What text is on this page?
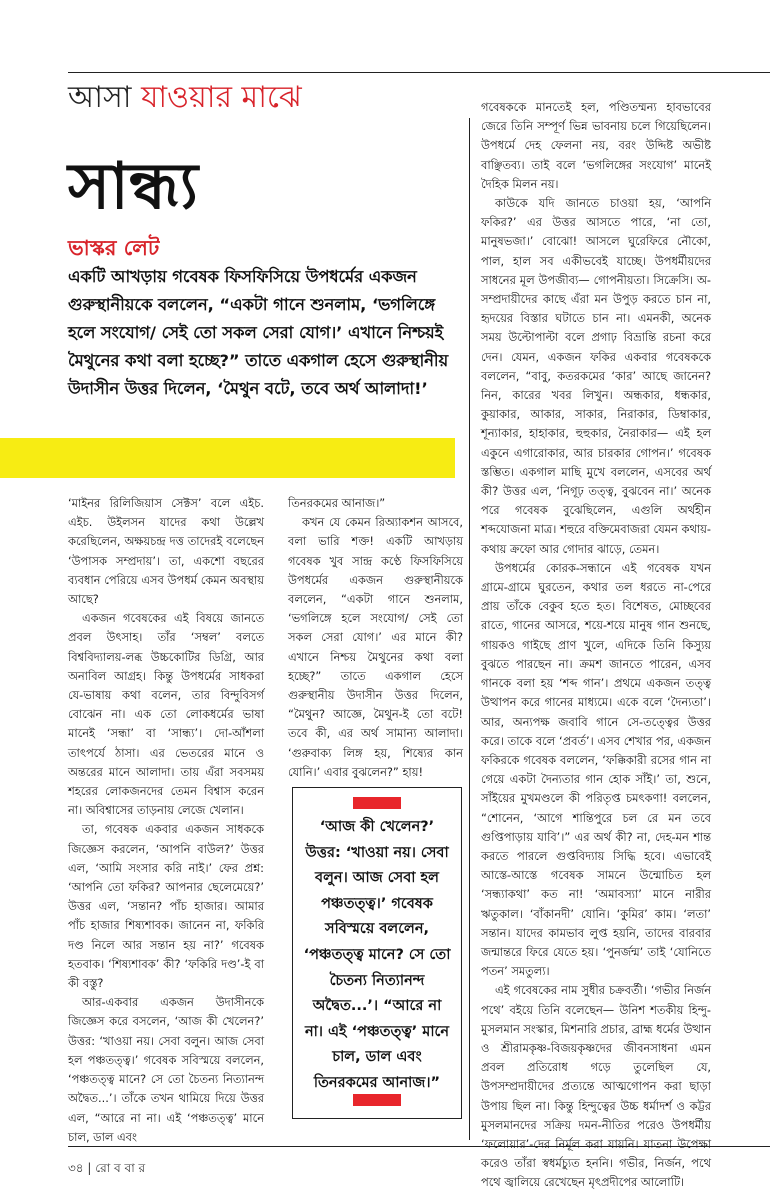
আসা যাওয়ার মাঝে
সান্ধ্য
ভাস্কর লেট
একটি আখড়ায় গবেষক ফিসফিসিয়ে উপধর্মের একজন গুরুস্থানীয়কে বললেন, “একটা গানে শুনলাম, ‘ভগলিঙ্গে হলে সংযোগ/ সেই তো সকল সেরা যোগ।’ এখানে নিশ্চয়ই মৈথুনের কথা বলা হচ্ছে?” তাতে একগাল হেসে গুরুস্থানীয় উদাসীন উত্তর দিলেন, ‘মৈথুন বটে, তবে অর্থ আলাদা!’

‘মাইনর রিলিজিয়াস সেক্টস’ বলে এইচ. এইচ. উইলসন যাদের কথা উল্লেখ করেছিলেন, অক্ষয়চন্দ্র দত্ত তাদেরই বলেছেন ‘উপাসক সম্প্রদায়’। তা, একশো বছরের ব্যবধান পেরিয়ে এসব উপধর্ম কেমন অবস্থায় আছে?

একজন গবেষকের এই বিষয়ে জানতে প্রবল উৎসাহ। তাঁর ‘সম্বল’ বলতে বিশ্ববিদ্যালয়-লব্ধ উচ্চকোটির ডিগ্রি, আর অনাবিল আগ্রহ। কিন্তু উপধর্মের সাধকরা যে-ভাষায় কথা বলেন, তার বিন্দুবিসর্গ বোঝেন না। এক তো লোকধর্মের ভাষা মানেই ‘সন্ধা’ বা ‘সান্ধ্য’। দো-আঁশলা তাৎপর্যে ঠাসা। এর ভেতরের মানে ও অন্তরের মানে আলাদা। তায় এঁরা সবসময় শহরের লোকজনদের তেমন বিশ্বাস করেন না। অবিশ্বাসের তাড়নায় লেজে খেলান।

তা, গবেষক একবার একজন সাধককে জিজ্ঞেস করলেন, ‘আপনি বাউল?’ উত্তর এল, ‘আমি সংসার করি নাই।’ ফের প্রশ্ন: ‘আপনি তো ফকির? আপনার ছেলেমেয়ে?’ উত্তর এল, ‘সন্তান? পাঁচ হাজার। আমার পাঁচ হাজার শিষ্যশাবক। জানেন না, ফকিরি দণ্ড নিলে আর সন্তান হয় না?’ গবেষক হতবাক। ‘শিষ্যশাবক’ কী? ‘ফকিরি দণ্ড’-ই বা কী বস্তু?

আর-একবার একজন উদাসীনকে জিজ্ঞেস করে বসলেন, ‘আজ কী খেলেন?’ উত্তর: ‘খাওয়া নয়। সেবা বলুন। আজ সেবা হল পঞ্চতত্ত্ব।’ গবেষক সবিস্ময়ে বললেন, ‘পঞ্চতত্ত্ব মানে? সে তো চৈতন্য নিত্যানন্দ অদ্বৈত...’। তাঁকে তখন থামিয়ে দিয়ে উত্তর এল, “আরে না না। এই ‘পঞ্চতত্ত্ব’ মানে চাল, ডাল এবং

তিনরকমের আনাজ।”

কখন যে কেমন রিঅ্যাকশন আসবে, বলা ভারি শক্ত! একটি আখড়ায় গবেষক খুব সান্দ্র কণ্ঠে ফিসফিসিয়ে উপধর্মের একজন গুরুস্থানীয়কে বললেন, “একটা গানে শুনলাম, ‘ভগলিঙ্গে হলে সংযোগ/ সেই তো সকল সেরা যোগ।’ এর মানে কী? এখানে নিশ্চয় মৈথুনের কথা বলা হচ্ছে?” তাতে একগাল হেসে গুরুস্থানীয় উদাসীন উত্তর দিলেন, “মৈথুন? আজ্ঞে, মৈথুন-ই তো বটে! তবে কী, এর অর্থ সামান্য আলাদা। ‘গুরুবাক্য লিঙ্গ হয়, শিষ্যের কান যোনি।’ এবার বুঝলেন?” হায়!

‘আজ কী খেলেন?’ উত্তর: ‘খাওয়া নয়। সেবা বলুন। আজ সেবা হল পঞ্চতত্ত্ব।’ গবেষক সবিস্ময়ে বললেন, ‘পঞ্চতত্ত্ব মানে? সে তো চৈতন্য নিত্যানন্দ অদ্বৈত...’। “আরে না না। এই ‘পঞ্চতত্ত্ব’ মানে চাল, ডাল এবং তিনরকমের আনাজ।”

গবেষককে মানতেই হল, পণ্ডিতম্মন্য হাবভাবের জেরে তিনি সম্পূর্ণ ভিন্ন ভাবনায় চলে গিয়েছিলেন। উপধর্মে দেহ ফেলনা নয়, বরং উদ্দিষ্ট অভীষ্ট বাঞ্ছিতব্য। তাই বলে ‘ভগলিঙ্গের সংযোগ’ মানেই দৈহিক মিলন নয়।

কাউকে যদি জানতে চাওয়া হয়, ‘আপনি ফকির?’ এর উত্তর আসতে পারে, ‘না তো, মানুষভজা।’ বোঝো! আসলে ঘুরেফিরে নৌকো, পাল, হাল সব একীভবেই যাচ্ছে। উপধর্মীয়দের সাধনের মূল উপজীব্য— গোপনীয়তা। সিক্রেসি। অ-সম্প্রদায়ীদের কাছে এঁরা মন উপুড় করতে চান না, হৃদয়ের বিস্তার ঘটাতে চান না। এমনকী, অনেক সময় উল্টোপাল্টা বলে প্রগাঢ় বিভ্রান্তি রচনা করে দেন। যেমন, একজন ফকির একবার গবেষককে বললেন, “বাবু, কতরকমের ‘কার’ আছে জানেন? নিন, কারের খবর লিখুন। অন্ধকার, ধন্ধকার, কুয়াকার, আকার, সাকার, নিরাকার, ডিম্বাকার, শূন্যাকার, হাহাকার, হুহুকার, নৈরাকার— এই হল একুনে এগারোকার, আর চারকার গোপন।’ গবেষক স্তম্ভিত। একগাল মাছি মুখে বললেন, এসবের অর্থ কী? উত্তর এল, ‘নিগূঢ় তত্ত্ব, বুঝবেন না।’ অনেক পরে গবেষক বুঝেছিলেন, এগুলি অর্থহীন শব্দযোজনা মাত্র। শহুরে বক্তিমেবাজরা যেমন কথায়-কথায় ক্রফো আর গোদার ঝাড়ে, তেমন।

উপধর্মের কোরক-সন্ধানে এই গবেষক যখন গ্রামে-গ্রামে ঘুরতেন, কথার তল ধরতে না-পেরে প্রায় তাঁকে বেকুব হতে হত। বিশেষত, মোচ্ছবের রাতে, গানের আসরে, শয়ে-শয়ে মানুষ গান শুনছে, গায়কও গাইছে প্রাণ খুলে, এদিকে তিনি কিস্যুয় বুঝতে পারছেন না। ক্রমশ জানতে পারেন, এসব গানকে বলা হয় ‘শব্দ গান’। প্রথমে একজন তত্ত্ব উত্থাপন করে গানের মাধ্যমে। একে বলে ‘দৈন্যতা’। আর, অন্যপক্ষ জবাবি গানে সে-তত্ত্বের উত্তর করে। তাকে বলে ‘প্রবর্ত’। এসব শেখার পর, একজন ফকিরকে গবেষক বললেন, ‘ফক্কিকারী রসের গান না গেয়ে একটা দৈন্যতার গান হোক সাঁই।’ তা, শুনে, সাঁইয়ের মুখমণ্ডলে কী পরিতৃপ্ত চমৎকণা! বললেন, “শোনেন, ‘আগে শান্তিপুরে চল রে মন তবে গুপ্তিপাড়ায় যাবি’।” এর অর্থ কী? না, দেহ-মন শান্ত করতে পারলে গুপ্তবিদ্যায় সিদ্ধি হবে। এভাবেই আস্তে-আস্তে গবেষক সামনে উন্মোচিত হল ‘সন্ধ্যাকথা’ কত না! ‘অমাবস্যা’ মানে নারীর ঋতুকাল। ‘বাঁকানদী’ যোনি। ‘কুমির’ কাম। ‘লতা’ সন্তান। যাদের কামভাব লুপ্ত হয়নি, তাদের বারবার জন্মান্তরে ফিরে যেতে হয়। ‘পুনর্জন্ম’ তাই ‘যোনিতে পতন’ সমতুল্য।

এই গবেষকের নাম সুধীর চক্রবর্তী। ‘গভীর নির্জন পথে’ বইয়ে তিনি বলেছেন— উনিশ শতকীয় হিন্দু-মুসলমান সংস্কার, মিশনারি প্রচার, ব্রাহ্ম ধর্মের উত্থান ও শ্রীরামকৃষ্ণ-বিজয়কৃষ্ণদের জীবনসাধনা এমন প্রবল প্রতিরোধ গড়ে তুলেছিল যে, উপসম্প্রদায়ীদের প্রত্যন্তে আত্মগোপন করা ছাড়া উপায় ছিল না। কিন্তু হিন্দুত্বের উচ্চ ধর্মাদর্শ ও কট্টর মুসলমানদের সক্রিয় দমন-নীতির পরেও উপধর্মীয় ‘ফলোয়ার’-দের নির্মূল করা যায়নি। যাতনা উপেক্ষা করেও তাঁরা স্বধর্মচ্যুত হননি। গভীর, নির্জন, পথে পথে জ্বালিয়ে রেখেছেন মৃৎপ্রদীপের আলোটি।

৩৪ | রো ব বা র
